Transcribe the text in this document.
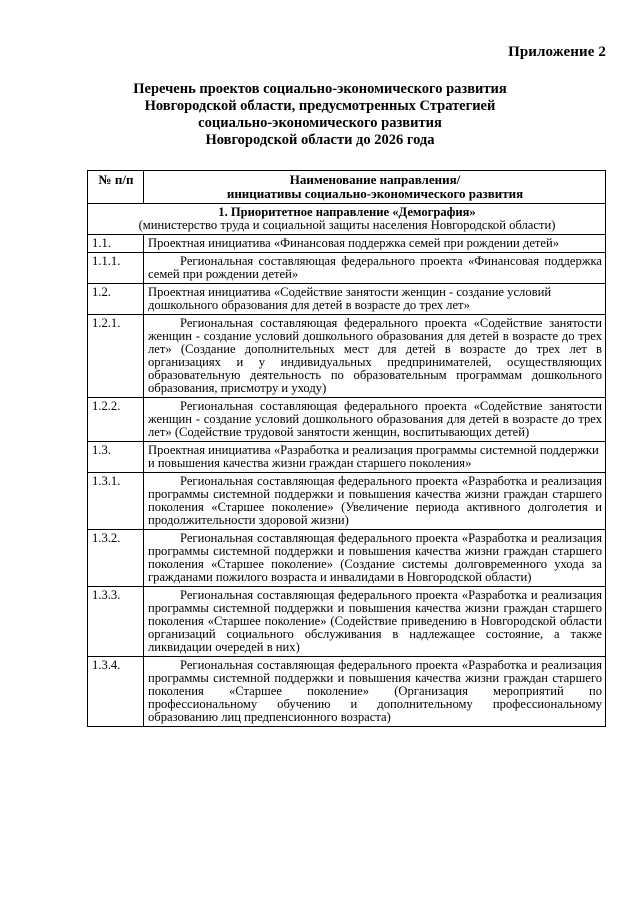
Приложение 2
Перечень проектов социально-экономического развития
Новгородской области, предусмотренных Стратегией
социально-экономического развития
Новгородской области до 2026 года
№ п/п	Наименование направления/
инициативы социально-экономического развития

1. Приоритетное направление «Демография»
(министерство труда и социальной защиты населения Новгородской области)	

1.1.	Проектная инициатива «Финансовая поддержка семей при рождении детей»
1.1.1.	Региональная составляющая федерального проекта «Финансовая поддержка семей при рождении детей»
1.2.	Проектная инициатива «Содействие занятости женщин - создание условий дошкольного образования для детей в возрасте до трех лет»
1.2.1.	Региональная составляющая федерального проекта «Содействие занятости женщин - создание условий дошкольного образования для детей в возрасте до трех лет» (Создание дополнительных мест для детей в возрасте до трех лет в организациях и у индивидуальных предпринимателей, осуществляющих образовательную деятельность по образовательным программам дошкольного образования, присмотру и уходу)
1.2.2.	Региональная составляющая федерального проекта «Содействие занятости женщин - создание условий дошкольного образования для детей в возрасте до трех лет» (Содействие трудовой занятости женщин, воспитывающих детей)
1.3.	Проектная инициатива «Разработка и реализация программы системной поддержки и повышения качества жизни граждан старшего поколения»
1.3.1.	Региональная составляющая федерального проекта «Разработка и реализация программы системной поддержки и повышения качества жизни граждан старшего поколения «Старшее поколение» (Увеличение периода активного долголетия и продолжительности здоровой жизни)
1.3.2.	Региональная составляющая федерального проекта «Разработка и реализация программы системной поддержки и повышения качества жизни граждан старшего поколения «Старшее поколение» (Создание системы долговременного ухода за гражданами пожилого возраста и инвалидами в Новгородской области)
1.3.3.	Региональная составляющая федерального проекта «Разработка и реализация программы системной поддержки и повышения качества жизни граждан старшего поколения «Старшее поколение» (Содействие приведению в Новгородской области организаций социального обслуживания в надлежащее состояние, а также ликвидации очередей в них)
1.3.4.	Региональная составляющая федерального проекта «Разработка и реализация программы системной поддержки и повышения качества жизни граждан старшего поколения «Старшее поколение» (Организация мероприятий по профессиональному обучению и дополнительному профессиональному образованию лиц предпенсионного возраста)
